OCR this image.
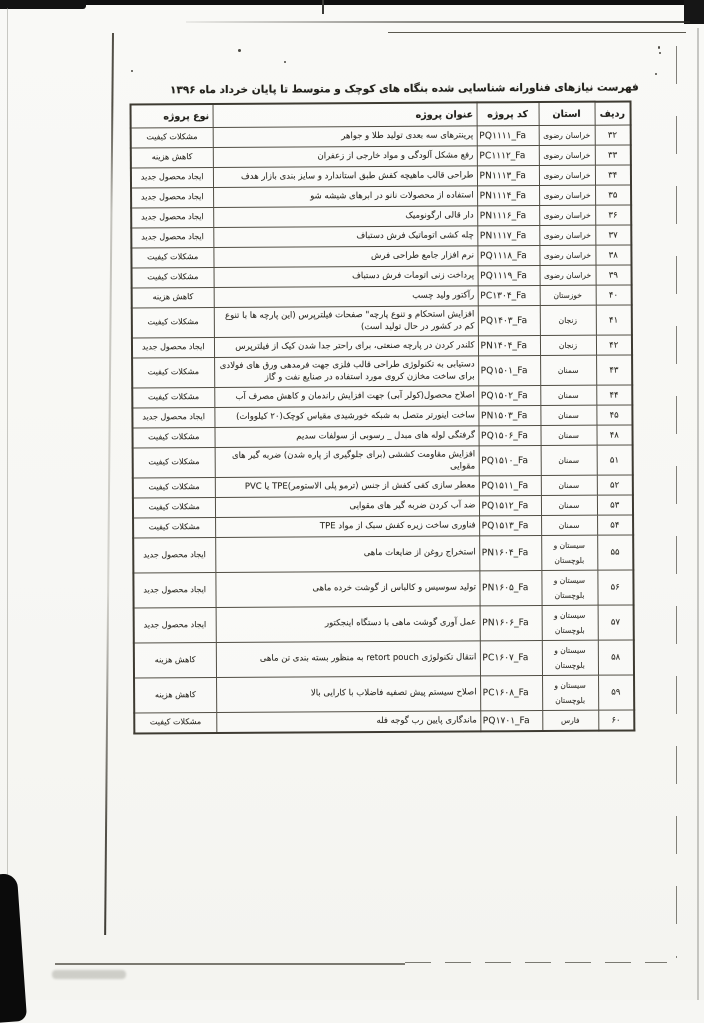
فهرست نیازهای فناورانه شناسایی شده بنگاه های کوچک و متوسط تا پایان خرداد ماه ۱۳۹۶
ردیف	استان	کد پروژه	عنوان پروژه	نوع پروژه
۳۲	خراسان رضوی	PQ۱۱۱۱_Fa	پرینترهای سه بعدی تولید طلا و جواهر	مشکلات کیفیت
۳۳	خراسان رضوی	PC۱۱۱۲_Fa	رفع مشکل آلودگی و مواد خارجی از زعفران	کاهش هزینه
۳۴	خراسان رضوی	PN۱۱۱۳_Fa	طراحی قالب ماهیچه کفش طبق استاندارد و سایز بندی بازار هدف	ایجاد محصول جدید
۳۵	خراسان رضوی	PN۱۱۱۴_Fa	استفاده از محصولات نانو در ابرهای شیشه شو	ایجاد محصول جدید
۳۶	خراسان رضوی	PN۱۱۱۶_Fa	دار قالی ارگونومیک	ایجاد محصول جدید
۳۷	خراسان رضوی	PN۱۱۱۷_Fa	چله کشی اتوماتیک فرش دستباف	ایجاد محصول جدید
۳۸	خراسان رضوی	PQ۱۱۱۸_Fa	نرم افزار جامع طراحی فرش	مشکلات کیفیت
۳۹	خراسان رضوی	PQ۱۱۱۹_Fa	پرداخت زنی اتومات فرش دستباف	مشکلات کیفیت
۴۰	خوزستان	PC۱۳۰۴_Fa	رآکتور ولید چسب	کاهش هزینه
۴۱	زنجان	PQ۱۴۰۳_Fa	افزایش استحکام و تنوع پارچه" صفحات فیلترپرس (این پارچه ها با تنوع کم در کشور در حال تولید است)	مشکلات کیفیت
۴۲	زنجان	PN۱۴۰۴_Fa	کلندر کردن در پارچه صنعتی، برای راحتر جدا شدن کیک از فیلترپرس	ایجاد محصول جدید
۴۳	سمنان	PQ۱۵۰۱_Fa	دستیابی به تکنولوژی طراحی قالب فلزی جهت فرمدهی ورق های فولادی برای ساخت مخازن کروی مورد استفاده در صنایع نفت و گاز	مشکلات کیفیت
۴۴	سمنان	PQ۱۵۰۲_Fa	اصلاح محصول(کولر آبی) جهت افزایش راندمان و کاهش مصرف آب	مشکلات کیفیت
۴۵	سمنان	PN۱۵۰۳_Fa	ساخت اینورتر متصل به شبکه خورشیدی مقیاس کوچک(۲۰ کیلووات)	ایجاد محصول جدید
۴۸	سمنان	PQ۱۵۰۶_Fa	گرفتگی لوله های مبدل _ رسوبی از سولفات سدیم	مشکلات کیفیت
۵۱	سمنان	PQ۱۵۱۰_Fa	افزایش مقاومت کششی (برای جلوگیری از پاره شدن) ضربه گیر های مقوایی	مشکلات کیفیت
۵۲	سمنان	PQ۱۵۱۱_Fa	معطر سازی کفی کفش از جنس (ترمو پلی الاستومر)TPE یا PVC	مشکلات کیفیت
۵۳	سمنان	PQ۱۵۱۲_Fa	ضد آب کردن ضربه گیر های مقوایی	مشکلات کیفیت
۵۴	سمنان	PQ۱۵۱۳_Fa	فناوری ساخت زیره کفش سبک از مواد TPE	مشکلات کیفیت
۵۵	سیستان و بلوچستان	PN۱۶۰۴_Fa	استخراج روغن از ضایعات ماهی	ایجاد محصول جدید
۵۶	سیستان و بلوچستان	PN۱۶۰۵_Fa	تولید سوسیس و کالباس از گوشت خرده ماهی	ایجاد محصول جدید
۵۷	سیستان و بلوچستان	PN۱۶۰۶_Fa	عمل آوری گوشت ماهی با دستگاه اینجکتور	ایجاد محصول جدید
۵۸	سیستان و بلوچستان	PC۱۶۰۷_Fa	انتقال تکنولوژی retort pouch به منظور بسته بندی تن ماهی	کاهش هزینه
۵۹	سیستان و بلوچستان	PC۱۶۰۸_Fa	اصلاح سیستم پیش تصفیه فاضلاب با کارایی بالا	کاهش هزینه
۶۰	فارس	PQ۱۷۰۱_Fa	ماندگاری پایین رب گوجه فله	مشکلات کیفیت
